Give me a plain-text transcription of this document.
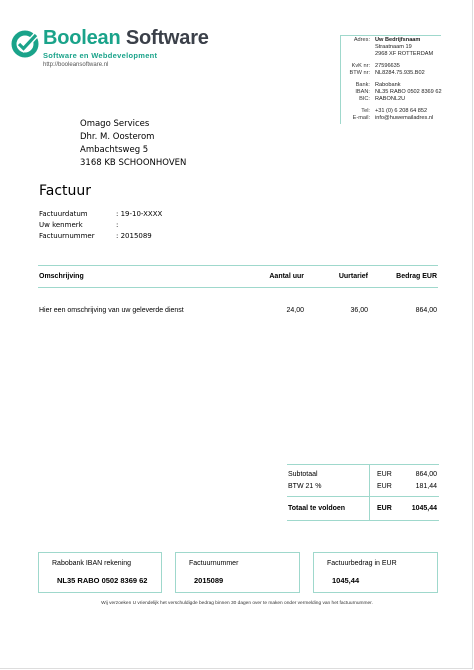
Boolean Software
Software en Webdevelopment
http://booleansoftware.nl
Adres: Uw Bedrijfsnaam
Straatnaam 19
2968 XF ROTTERDAM
KvK nr: 27596635
BTW nr: NL8284.75.935.B02
Bank: Rabobank
IBAN: NL35 RABO 0502 8369 62
BIC: RABONL2U
Tel: +31 (0) 6 208 64 852
E-mail: info@huwemailadres.nl
Omago Services
Dhr. M. Oosterom
Ambachtsweg 5
3168 KB SCHOONHOVEN
Factuur
Factuurdatum	: 19-10-XXXX
Uw kenmerk	:
Factuurnummer	: 2015089
Omschrijving	Aantal uur	Uurtarief	Bedrag EUR
Hier een omschrijving van uw geleverde dienst	24,00	36,00	864,00
Subtotaal	EUR	864,00
BTW 21 %	EUR	181,44
Totaal te voldoen	EUR	1045,44
Rabobank IBAN rekening
NL35 RABO 0502 8369 62
Factuurnummer
2015089
Factuurbedrag in EUR
1045,44
Wij verzoeken U vriendelijk het verschuldigde bedrag binnen 30 dagen over te maken onder vermelding van het factuurnummer.
